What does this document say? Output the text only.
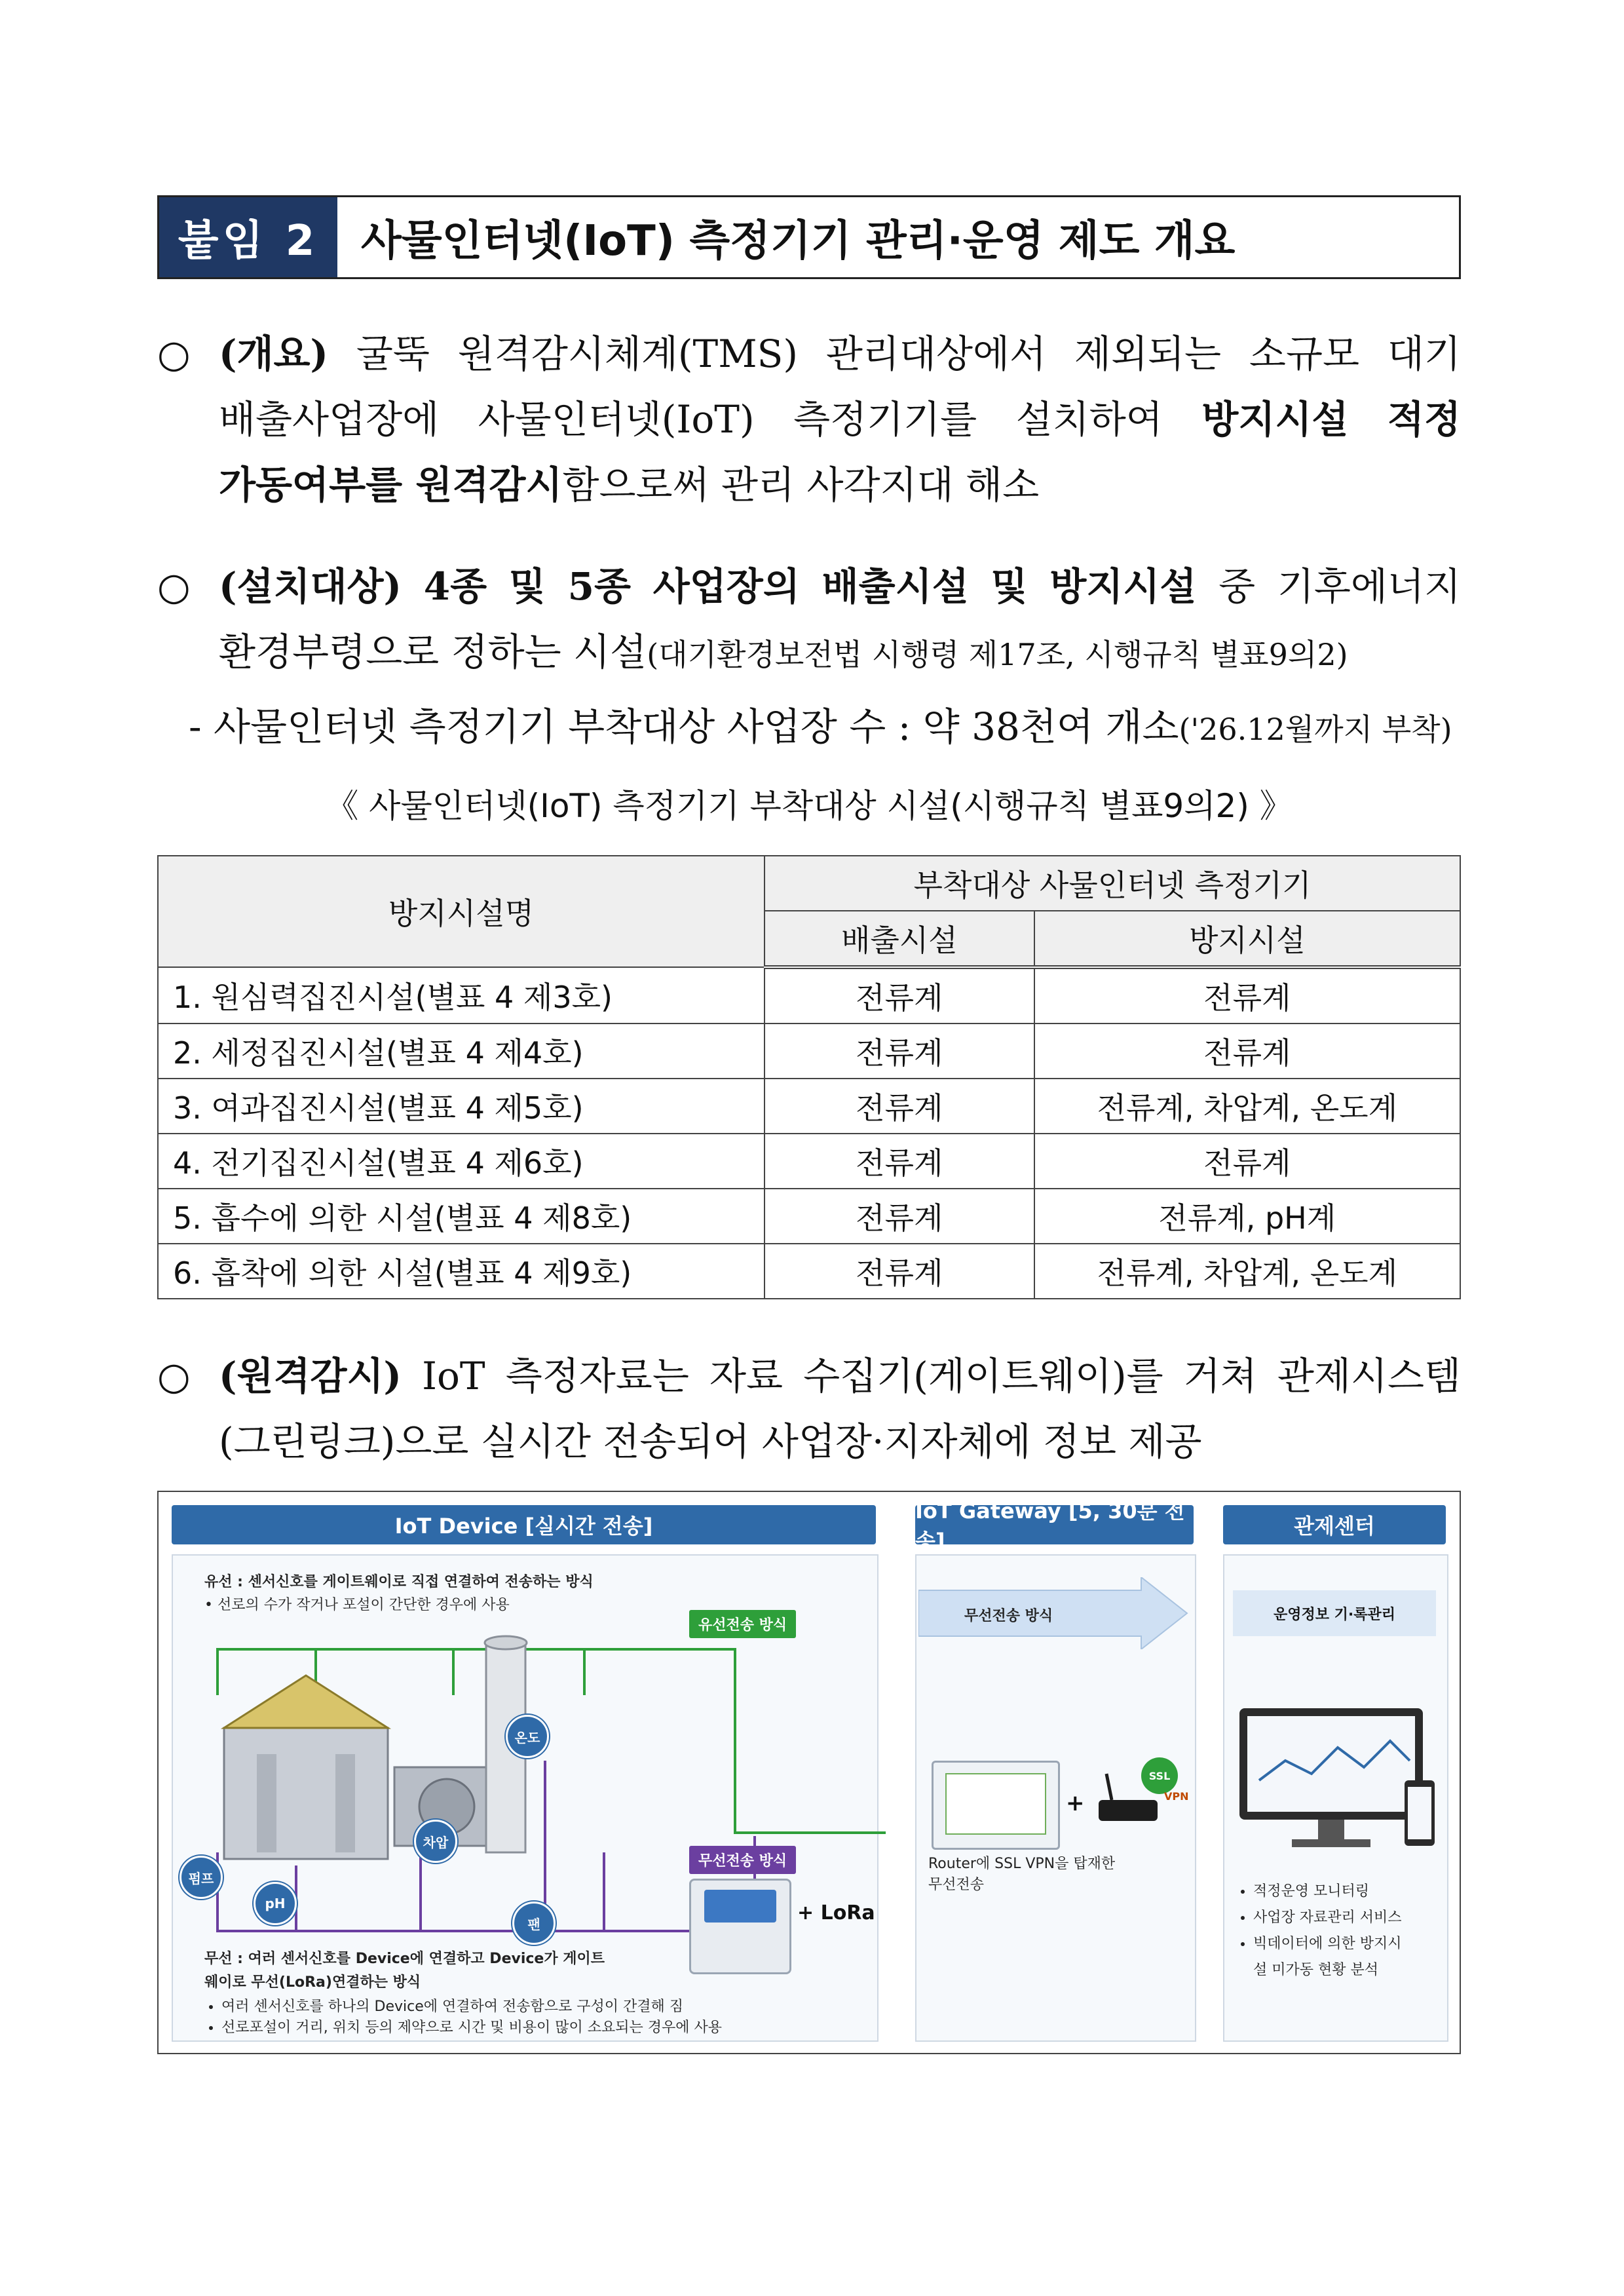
붙임 2	사물인터넷(IoT) 측정기기 관리·운영 제도 개요
○ (개요) 굴뚝 원격감시체계(TMS) 관리대상에서 제외되는 소규모 대기
배출사업장에 사물인터넷(IoT) 측정기기를 설치하여 방지시설 적정
가동여부를 원격감시함으로써 관리 사각지대 해소
○ (설치대상) 4종 및 5종 사업장의 배출시설 및 방지시설 중 기후에너지
환경부령으로 정하는 시설(대기환경보전법 시행령 제17조, 시행규칙 별표9의2)
- 사물인터넷 측정기기 부착대상 사업장 수 : 약 38천여 개소('26.12월까지 부착)
《 사물인터넷(IoT) 측정기기 부착대상 시설(시행규칙 별표9의2) 》
방지시설명	부착대상 사물인터넷 측정기기	
	배출시설	방지시설
1. 원심력집진시설(별표 4 제3호)	전류계	전류계
2. 세정집진시설(별표 4 제4호)	전류계	전류계
3. 여과집진시설(별표 4 제5호)	전류계	전류계, 차압계, 온도계
4. 전기집진시설(별표 4 제6호)	전류계	전류계
5. 흡수에 의한 시설(별표 4 제8호)	전류계	전류계, pH계
6. 흡착에 의한 시설(별표 4 제9호)	전류계	전류계, 차압계, 온도계
○ (원격감시) IoT 측정자료는 자료 수집기(게이트웨이)를 거쳐 관제시스템
(그린링크)으로 실시간 전송되어 사업장·지자체에 정보 제공
IoT Device [실시간 전송]
IoT Gateway [5, 30분 전송]
관제센터
유선 : 센서신호를 게이트웨이로 직접 연결하여 전송하는 방식
• 선로의 수가 작거나 포설이 간단한 경우에 사용
온도
차압
펌프
pH
팬
유선전송 방식
무선전송 방식
+ LoRa
무선 : 여러 센서신호를 Device에 연결하고 Device가 게이트
웨이로 무선(LoRa)연결하는 방식
• 여러 센서신호를 하나의 Device에 연결하여 전송함으로 구성이 간결해 짐
• 선로포설이 거리, 위치 등의 제약으로 시간 및 비용이 많이 소요되는 경우에 사용
무선전송 방식
+
SSL
VPN
Router에 SSL VPN을 탑재한
무선전송
운영정보 기·록관리
• 적정운영 모니터링
• 사업장 자료관리 서비스
• 빅데이터에 의한 방지시
설 미가동 현황 분석
